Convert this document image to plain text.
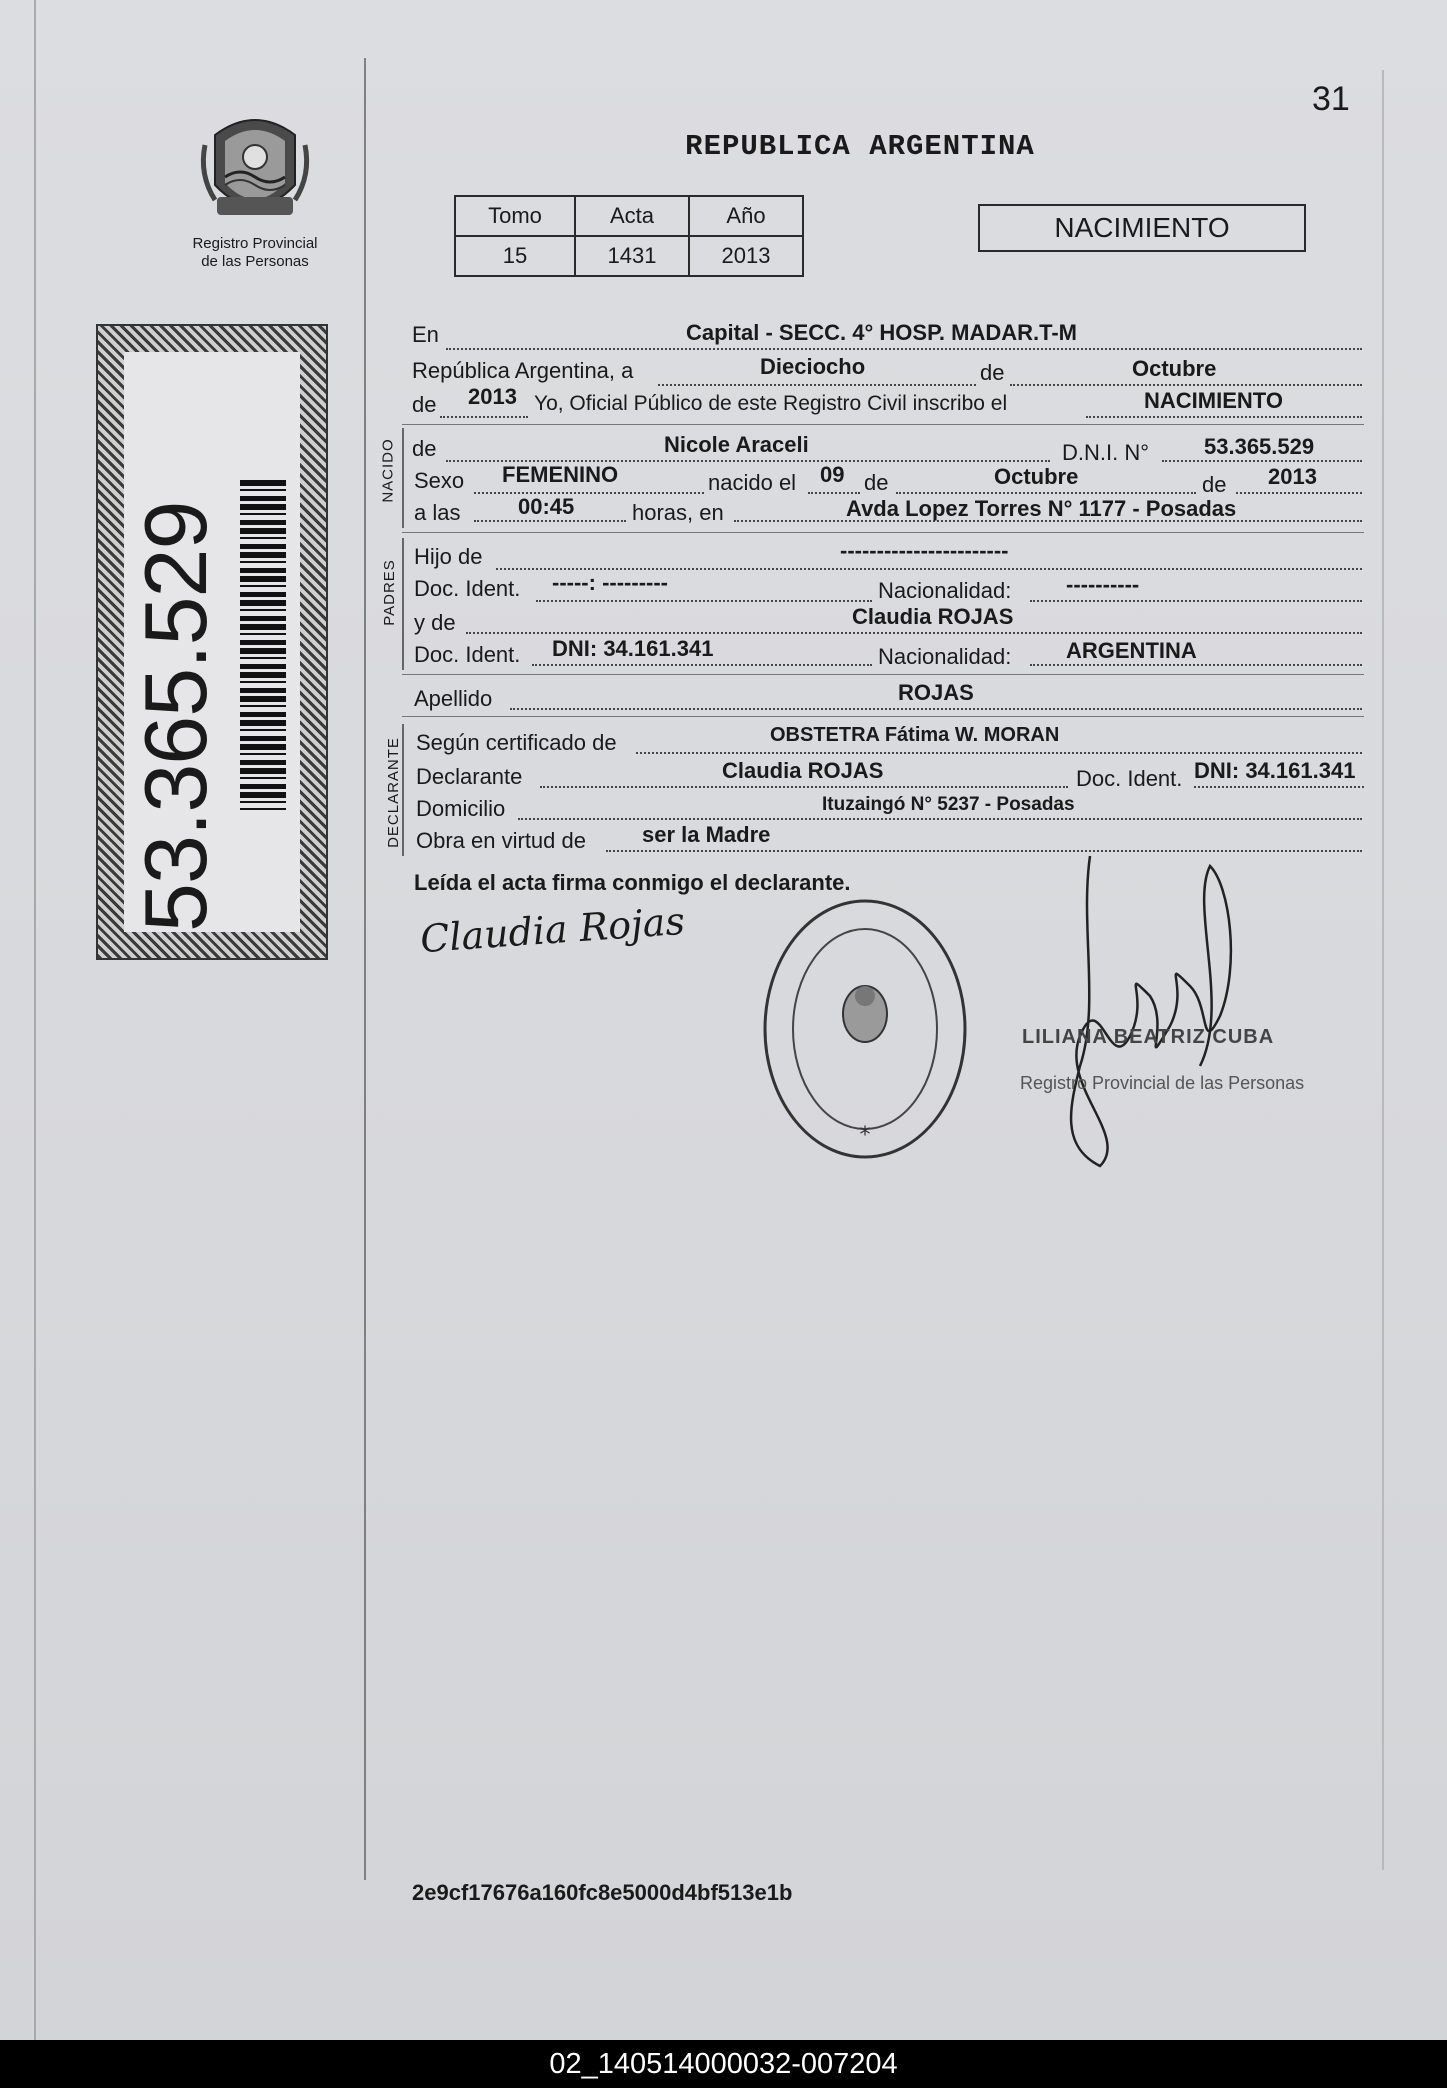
31
Registro Provincial
de las Personas
53.365.529
REPUBLICA ARGENTINA
Tomo	Acta	Año
15	1431	2013
NACIMIENTO
En	Capital - SECC. 4° HOSP. MADAR.T-M
República Argentina, a	Dieciocho	de	Octubre
de 2013 Yo, Oficial Público de este Registro Civil inscribo el	NACIMIENTO
NACIDO de	Nicole Araceli	D.N.I. N° 53.365.529
Sexo FEMENINO	nacido el 09 de	Octubre	de 2013
a las	00:45	horas, en	Avda Lopez Torres N° 1177 - Posadas
PADRES
Hijo de	-----------------------
Doc. Ident. -----: ---------	Nacionalidad: ----------
y de	Claudia ROJAS
Doc. Ident. DNI: 34.161.341	Nacionalidad: ARGENTINA
Apellido	ROJAS
DECLARANTE Según certificado de	OBSTETRA Fátima W. MORAN
Declarante	Claudia ROJAS	Doc. Ident. DNI: 34.161.341
Domicilio	Ituzaingó N° 5237 - Posadas
Obra en virtud de	ser la Madre
Leída el acta firma conmigo el declarante.
Claudia Rojas
*
LILIANA BEATRIZ CUBA
Registro Provincial de las Personas
2e9cf17676a160fc8e5000d4bf513e1b
02_140514000032-007204
